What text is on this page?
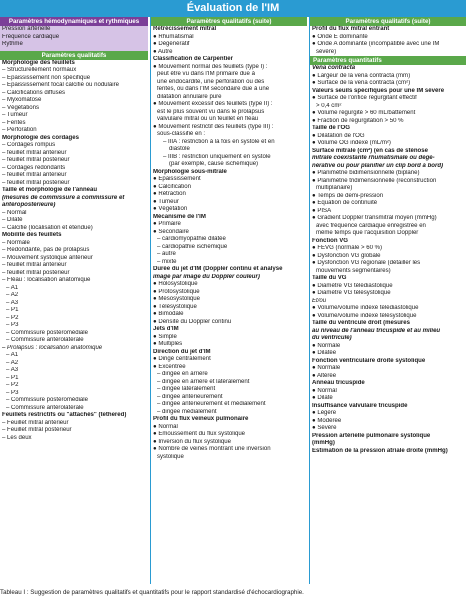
Évaluation de l'IM
Paramètres hémodynamiques et rythmiques
Pression artérielle
Fréquence cardiaque
Rythme
Paramètres qualitatifs
Morphologie des feuillets
– Structurellement normaux
– Épaississement non spécifique
– Épaississement focal calcifié ou nodulaire
– Calcifications diffuses
– Myxomatose
– Végétations
– Tumeur
– Fentes
– Perforation
Morphologie des cordages
– Cordages rompus
– feuillet mitral antérieur
– feuillet mitral postérieur
– Cordages redondants
– feuillet mitral antérieur
– feuillet mitral postérieur
Taille et morphologie de l'anneau
(mesures de commissure à commissure et
antéropostérieure)
– Normal
– Dilaté
– Calcifié (localisation et étendue)
Mobilité des feuillets
– Normale
– Redondante, pas de prolapsus
– Mouvement systolique antérieur
– feuillet mitral antérieur
– feuillet mitral postérieur
– Fléau : localisation anatomique
– A1
– A2
– A3
– P1
– P2
– P3
– Commissure postéromédiale
– Commissure antérolatérale
– Prolapsus : localisation anatomique
– A1
– A2
– A3
– P1
– P2
– P3
– Commissure postéromédiale
– Commissure antérolatérale
Feuillets restrictifs ou "attachés" (tethered)
– Feuillet mitral antérieur
– Feuillet mitral postérieur
– Les deux
Paramètres qualitatifs (suite)
Rétrécissement mitral
● Rhumatismal
● Dégénératif
● Autre
Classification de Carpentier
● Mouvement normal des feuillets (type I) :
peut être vu dans l'IM primaire due à
une endocardite, une perforation ou des
fentes, ou dans l'IM secondaire due à une
dilatation annulaire pure
● Mouvement excessif des feuillets (type II) :
est le plus souvent vu dans le prolapsus
valvulaire mitral ou un feuillet en fléau
● Mouvement restrictif des feuillets (type III) :
sous-classifié en :
– IIIA : restriction à la fois en systole et en
diastole
– IIIB : restriction uniquement en systole
(par exemple, cause ischémique)
Morphologie sous-mitrale
● Épaississement
● Calcification
● Rétraction
● Tumeur
● Végétation
Mécanisme de l'IM
● Primaire
● Secondaire
– cardiomyopathie dilatée
– cardiopathie ischémique
– autre
– mixte
Durée du jet d'IM (Doppler continu et analyse
image par image du Doppler couleur)
● Holosystolique
● Protosystolique
● Mésosystolique
● Télésystolique
● Bimodale
● Densité du Doppler continu
Jets d'IM
● Simple
● Multiples
Direction du jet d'IM
● Dirigé centralement
● Excentrée
– dirigée en arrière
– dirigée en arrière et latéralement
– dirigée latéralement
– dirigée antérieurement
– dirigée antérieurement et médialement
– dirigée médialement
Profil du flux veineux pulmonaire
● Normal
● Émoussement du flux systolique
● Inversion du flux systolique
● Nombre de veines montrant une inversion
systolique
Paramètres qualitatifs (suite)
Profil du flux mitral entrant
● Onde E dominante
● Onde A dominante (incompatible avec une IM
sévère)
Paramètres quantitatifs
Vena contracta
● Largeur de la vena contracta (mm)
● Surface de la vena contracta (cm²)
Valeurs seuils spécifiques pour une IM sévère
● Surface de l'orifice régurgitant effectif
> 0,4 cm²
● Volume régurgité > 60 mL/battement
● Fraction de régurgitation > 50 %
Taille de l'OG
● Dilatation de l'OG
● Volume OG indexé (mL/m²)
Surface mitrale (cm²) (en cas de sténose
mitrale coexistante rhumatismale ou dégé-
nérative ou pour planifier un clip bord à bord)
● Planimétrie bidimensionnelle (biplane)
● Planimétrie tridimensionnelle (reconstruction
multiplanaire)
● Temps de demi-pression
● Équation de continuité
● PISA
● Gradient Doppler transmitral moyen (mmHg)
avec fréquence cardiaque enregistrée en
même temps que l'acquisition Doppler
Fonction VG
● FEVG (normale > 60 %)
● Dysfonction VG globale
● Dysfonction VG régionale (détailler les
mouvements segmentaires)
Taille du VG
● Diamètre VG télédiastolique
● Diamètre VG télésystolique
Et/ou
● Volume/volume indexé télédiastolique
● Volume/volume indexé télésystolique
Taille du ventricule droit (mesures
au niveau de l'anneau tricuspide et au milieu
du ventricule)
● Normale
● Dilatée
Fonction ventriculaire droite systolique
● Normale
● Altérée
Anneau tricuspide
● Normal
● Dilaté
Insuffisance valvulaire tricuspide
● Légère
● Modérée
● Sévère
Pression artérielle pulmonaire systolique
(mmHg)
Estimation de la pression atriale droite (mmHg)
Tableau I : Suggestion de paramètres qualitatifs et quantitatifs pour le rapport standardisé d'échocardiographie.
